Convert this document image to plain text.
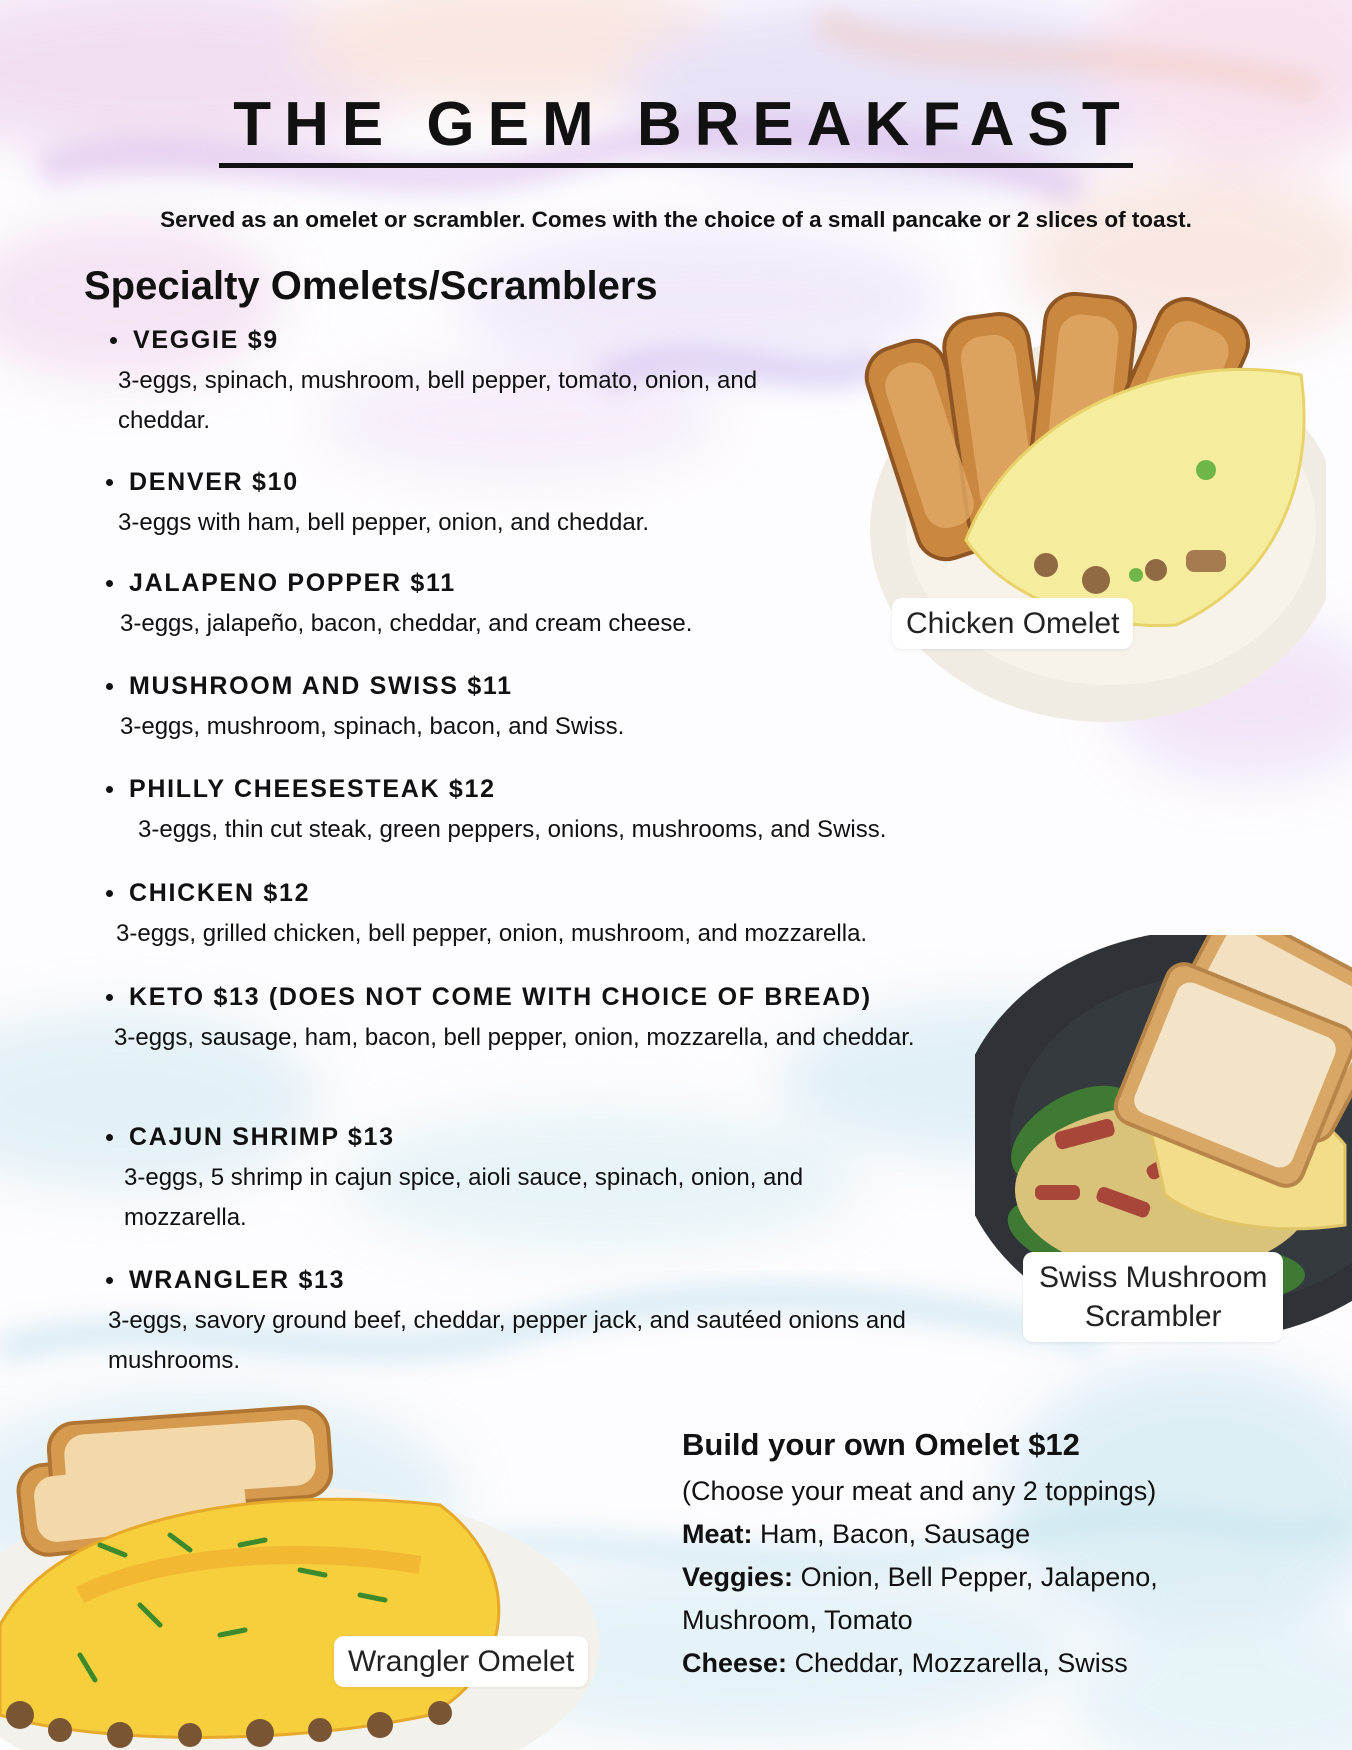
THE GEM BREAKFAST
Served as an omelet or scrambler. Comes with the choice of a small pancake or 2 slices of toast.
Specialty Omelets/Scramblers
VEGGIE $9
3-eggs, spinach, mushroom, bell pepper, tomato, onion, and cheddar.
DENVER $10
3-eggs with ham, bell pepper, onion, and cheddar.
JALAPENO POPPER $11
3-eggs, jalapeño, bacon, cheddar, and cream cheese.
MUSHROOM AND SWISS $11
3-eggs, mushroom, spinach, bacon, and Swiss.
PHILLY CHEESESTEAK $12
3-eggs, thin cut steak, green peppers, onions, mushrooms, and Swiss.
CHICKEN $12
3-eggs, grilled chicken, bell pepper, onion, mushroom, and mozzarella.
KETO $13 (DOES NOT COME WITH CHOICE OF BREAD)
3-eggs, sausage, ham, bacon, bell pepper, onion, mozzarella, and cheddar.
CAJUN SHRIMP $13
3-eggs, 5 shrimp in cajun spice, aioli sauce, spinach, onion, and mozzarella.
WRANGLER $13
3-eggs, savory ground beef, cheddar, pepper jack, and sautéed onions and mushrooms.
Chicken Omelet
Swiss Mushroom
Scrambler
Wrangler Omelet
Build your own Omelet $12
(Choose your meat and any 2 toppings)
Meat: Ham, Bacon, Sausage
Veggies: Onion, Bell Pepper, Jalapeno, Mushroom, Tomato
Cheese: Cheddar, Mozzarella, Swiss
